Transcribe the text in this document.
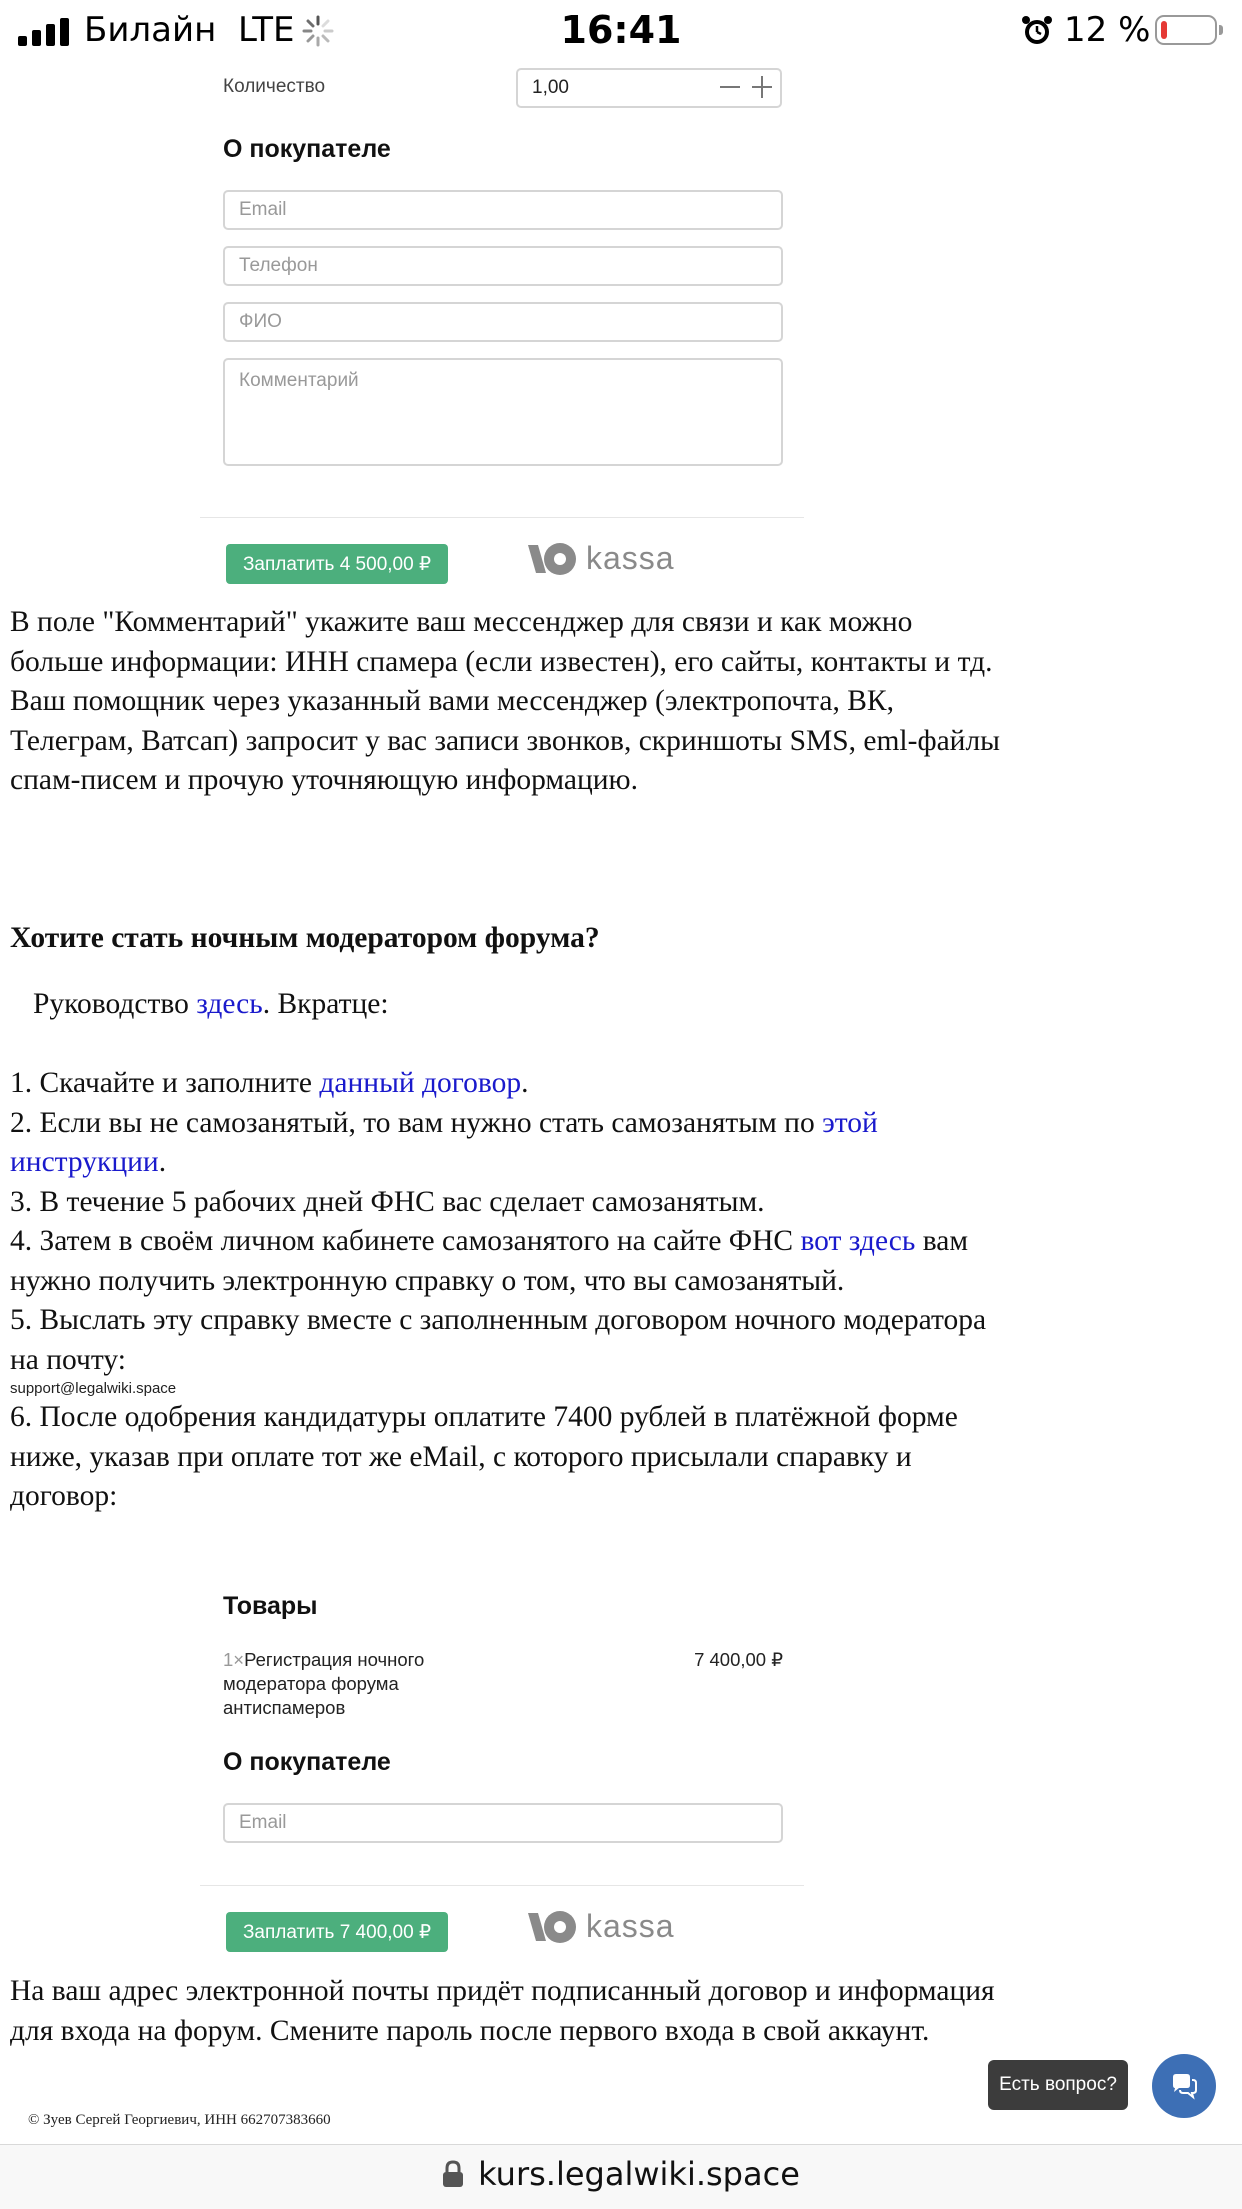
Билайн LTE	16:41	12 %
Количество	1,00
О покупателе
Email
Телефон
ФИО
Комментарий
Заплатить 4 500,00 ₽	kassa
В поле "Комментарий" укажите ваш мессенджер для связи и как можно больше информации: ИНН спамера (если известен), его сайты, контакты и тд. Ваш помощник через указанный вами мессенджер (электропочта, ВК, Телеграм, Ватсап) запросит у вас записи звонков, скриншоты SMS, eml-файлы спам-писем и прочую уточняющую информацию.
Хотите стать ночным модератором форума?
Руководство здесь. Вкратце:
1. Скачайте и заполните данный договор.
2. Если вы не самозанятый, то вам нужно стать самозанятым по этой инструкции.
3. В течение 5 рабочих дней ФНС вас сделает самозанятым.
4. Затем в своём личном кабинете самозанятого на сайте ФНС вот здесь вам нужно получить электронную справку о том, что вы самозанятый.
5. Выслать эту справку вместе с заполненным договором ночного модератора на почту:
support@legalwiki.space
6. После одобрения кандидатуры оплатите 7400 рублей в платёжной форме ниже, указав при оплате тот же eMail, с которого присылали спаравку и договор:
Товары
1×Регистрация ночного модератора форума антиспамеров
7 400,00 ₽
О покупателе
Email
Заплатить 7 400,00 ₽	kassa
На ваш адрес электронной почты придёт подписанный договор и информация для входа на форум. Смените пароль после первого входа в свой аккаунт.
© Зуев Сергей Георгиевич, ИНН 662707383660
Есть вопрос?
kurs.legalwiki.space
